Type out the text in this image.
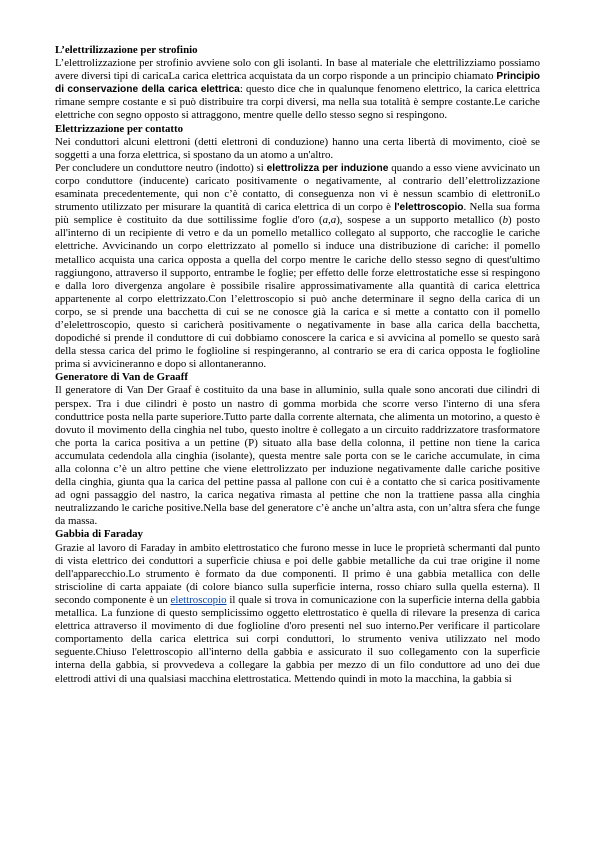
L’elettrilizzazione per strofinio

L’elettrolizzazione per strofinio avviene solo con gli isolanti. In base al materiale che elettrilizziamo possiamo avere diversi tipi di caricaLa carica elettrica acquistata da un corpo risponde a un principio chiamato Principio di conservazione della carica elettrica: questo dice che in qualunque fenomeno elettrico, la carica elettrica rimane sempre costante e si può distribuire tra corpi diversi, ma nella sua totalità è sempre costante.Le cariche elettriche con segno opposto si attraggono, mentre quelle dello stesso segno si respingono.

Elettrizzazione per contatto

Nei conduttori alcuni elettroni (detti elettroni di conduzione) hanno una certa libertà di movimento, cioè se soggetti a una forza elettrica, si spostano da un atomo a un'altro.

Per concludere un conduttore neutro (indotto) si elettrolizza per induzione quando a esso viene avvicinato un corpo conduttore (inducente) caricato positivamente o negativamente, al contrario dell’elettrolizzazione esaminata precedentemente, qui non c’è contatto, di conseguenza non vi è nessun scambio di elettroniLo strumento utilizzato per misurare la quantità di carica elettrica di un corpo è l'elettroscopio. Nella sua forma più semplice è costituito da due sottilissime foglie d'oro (a,a), sospese a un supporto metallico (b) posto all'interno di un recipiente di vetro e da un pomello metallico collegato al supporto, che raccoglie le cariche elettriche. Avvicinando un corpo elettrizzato al pomello si induce una distribuzione di cariche: il pomello metallico acquista una carica opposta a quella del corpo mentre le cariche dello stesso segno di quest'ultimo raggiungono, attraverso il supporto, entrambe le foglie; per effetto delle forze elettrostatiche esse si respingono e dalla loro divergenza angolare è possibile risalire approssimativamente alla quantità di carica elettrica appartenente al corpo elettrizzato.Con l’elettroscopio si può anche determinare il segno della carica di un corpo, se si prende una bacchetta di cui se ne conosce già la carica e si mette a contatto con il pomello d’elelettroscopio, questo si caricherà positivamente o negativamente in base alla carica della bacchetta, dopodiché si prende il conduttore di cui dobbiamo conoscere la carica e si avvicina al pomello se questo sarà della stessa carica del primo le foglioline si respingeranno, al contrario se era di carica opposta le foglioline prima si avvicineranno e dopo si allontaneranno.

Generatore di Van de Graaff

Il generatore di Van Der Graaf è costituito da una base in alluminio, sulla quale sono ancorati due cilindri di perspex. Tra i due cilindri è posto un nastro di gomma morbida che scorre verso l'interno di una sfera conduttrice posta nella parte superiore.Tutto parte dalla corrente alternata, che alimenta un motorino, a questo è dovuto il movimento della cinghia nel tubo, questo inoltre è collegato a un circuito raddrizzatore trasformatore che porta la carica positiva a un pettine (P) situato alla base della colonna, il pettine non tiene la carica accumulata cedendola alla cinghia (isolante), questa mentre sale porta con se le cariche accumulate, in cima alla colonna c’è un altro pettine che viene elettrolizzato per induzione negativamente dalle cariche positive della cinghia, giunta qua la carica del pettine passa al pallone con cui è a contatto che si carica positivamente ad ogni passaggio del nastro, la carica negativa rimasta al pettine che non la trattiene passa alla cinghia neutralizzando le cariche positive.Nella base del generatore c’è anche un’altra asta, con un’altra sfera che funge da massa.

Gabbia di Faraday

Grazie al lavoro di Faraday in ambito elettrostatico che furono messe in luce le proprietà schermanti dal punto di vista elettrico dei conduttori a superficie chiusa e poi delle gabbie metalliche da cui trae origine il nome dell'apparecchio.Lo strumento è formato da due componenti. Il primo è una gabbia metallica con delle striscioline di carta appaiate (di colore bianco sulla superficie interna, rosso chiaro sulla quella esterna). Il secondo componente è un elettroscopio il quale si trova in comunicazione con la superficie interna della gabbia metallica. La funzione di questo semplicissimo oggetto elettrostatico è quella di rilevare la presenza di carica elettrica attraverso il movimento di due foglioline d'oro presenti nel suo interno.Per verificare il particolare comportamento della carica elettrica sui corpi conduttori, lo strumento veniva utilizzato nel modo seguente.Chiuso l'elettroscopio all'interno della gabbia e assicurato il suo collegamento con la superficie interna della gabbia, si provvedeva a collegare la gabbia per mezzo di un filo conduttore ad uno dei due elettrodi attivi di una qualsiasi macchina elettrostatica. Mettendo quindi in moto la macchina, la gabbia si
